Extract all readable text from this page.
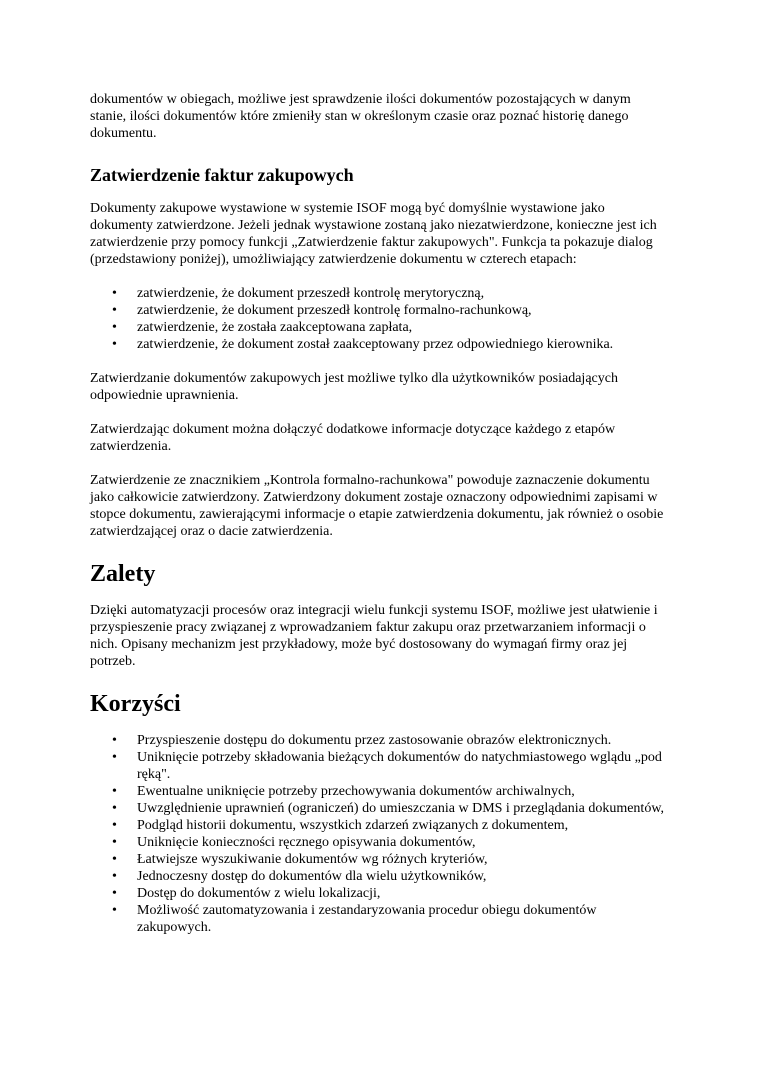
dokumentów w obiegach, możliwe jest sprawdzenie ilości dokumentów pozostających w danym stanie, ilości dokumentów które zmieniły stan w określonym czasie oraz poznać historię danego dokumentu.

Zatwierdzenie faktur zakupowych

Dokumenty zakupowe wystawione w systemie ISOF mogą być domyślnie wystawione jako dokumenty zatwierdzone. Jeżeli jednak wystawione zostaną jako niezatwierdzone, konieczne jest ich zatwierdzenie przy pomocy funkcji „Zatwierdzenie faktur zakupowych". Funkcja ta pokazuje dialog (przedstawiony poniżej), umożliwiający zatwierdzenie dokumentu w czterech etapach:

• zatwierdzenie, że dokument przeszedł kontrolę merytoryczną,
• zatwierdzenie, że dokument przeszedł kontrolę formalno-rachunkową,
• zatwierdzenie, że została zaakceptowana zapłata,
• zatwierdzenie, że dokument został zaakceptowany przez odpowiedniego kierownika.

Zatwierdzanie dokumentów zakupowych jest możliwe tylko dla użytkowników posiadających odpowiednie uprawnienia.

Zatwierdzając dokument można dołączyć dodatkowe informacje dotyczące każdego z etapów zatwierdzenia.

Zatwierdzenie ze znacznikiem „Kontrola formalno-rachunkowa" powoduje zaznaczenie dokumentu jako całkowicie zatwierdzony. Zatwierdzony dokument zostaje oznaczony odpowiednimi zapisami w stopce dokumentu, zawierającymi informacje o etapie zatwierdzenia dokumentu, jak również o osobie zatwierdzającej oraz o dacie zatwierdzenia.

Zalety

Dzięki automatyzacji procesów oraz integracji wielu funkcji systemu ISOF, możliwe jest ułatwienie i przyspieszenie pracy związanej z wprowadzaniem faktur zakupu oraz przetwarzaniem informacji o nich. Opisany mechanizm jest przykładowy, może być dostosowany do wymagań firmy oraz jej potrzeb.

Korzyści
• Przyspieszenie dostępu do dokumentu przez zastosowanie obrazów elektronicznych.
• Uniknięcie potrzeby składowania bieżących dokumentów do natychmiastowego wglądu „pod ręką".
• Ewentualne uniknięcie potrzeby przechowywania dokumentów archiwalnych,
• Uwzględnienie uprawnień (ograniczeń) do umieszczania w DMS i przeglądania dokumentów,
• Podgląd historii dokumentu, wszystkich zdarzeń związanych z dokumentem,
• Uniknięcie konieczności ręcznego opisywania dokumentów,
• Łatwiejsze wyszukiwanie dokumentów wg różnych kryteriów,
• Jednoczesny dostęp do dokumentów dla wielu użytkowników,
• Dostęp do dokumentów z wielu lokalizacji,
• Możliwość zautomatyzowania i zestandaryzowania procedur obiegu dokumentów zakupowych.
